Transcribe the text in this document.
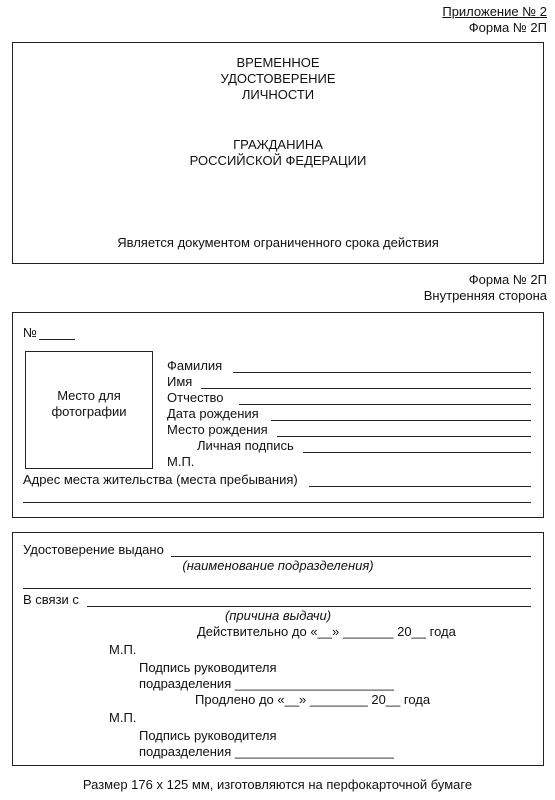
Приложение № 2
Форма № 2П
ВРЕМЕННОЕ
УДОСТОВЕРЕНИЕ
ЛИЧНОСТИ
ГРАЖДАНИНА
РОССИЙСКОЙ ФЕДЕРАЦИИ
Является документом ограниченного срока действия
Форма № 2П
Внутренняя сторона
№
Место для
фотографии
Фамилия
Имя
Отчество
Дата рождения
Место рождения
Личная подпись
М.П.
Адрес места жительства (места пребывания)
Удостоверение выдано
(наименование подразделения)
В связи с
(причина выдачи)
Действительно до «__» _______ 20__ года
М.П.
Подпись руководителя
подразделения ______________________
Продлено до «__» ________ 20__ года
М.П.
Подпись руководителя
подразделения ______________________
Размер 176 х 125 мм, изготовляются на перфокарточной бумаге
